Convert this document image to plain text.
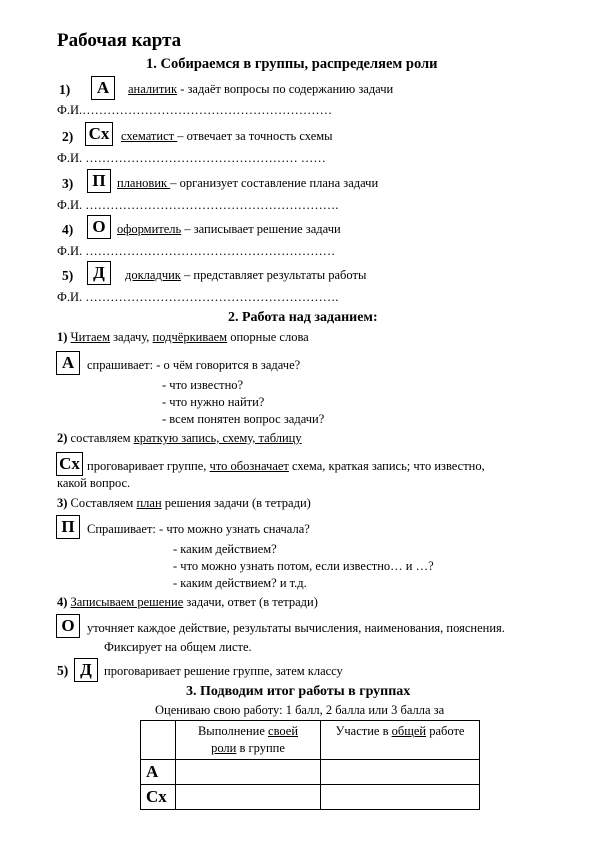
Рабочая карта
1. Собираемся в группы, распределяем роли
1)	А	аналитик - задаёт вопросы по содержанию задачи
Ф.И.……………………………………………………
2) Сх схематист – отвечает за точность схемы
Ф.И. …………………………………………… ……
3)	П плановик – организует составление плана задачи
Ф.И. …………………………………………………….
4)	О оформитель – записывает решение задачи
Ф.И. ……………………………………………………
5)	Д	докладчик – представляет результаты работы
Ф.И. …………………………………………………….
2. Работа над заданием:
1) Читаем задачу, подчёркиваем опорные слова
А	спрашивает: - о чём говорится в задаче?
- что известно?
- что нужно найти?
- всем понятен вопрос задачи?
2) составляем краткую запись, схему, таблицу
Сх проговаривает группе, что обозначает схема, краткая запись; что известно,
какой вопрос.
3) Составляем план решения задачи (в тетради)
П Спрашивает: - что можно узнать сначала?
- каким действием?
- что можно узнать потом, если известно… и …?
- каким действием? и т.д.
4) Записываем решение задачи, ответ (в тетради)
О уточняет каждое действие, результаты вычисления, наименования, пояснения.
Фиксирует на общем листе.
5) Д проговаривает решение группе, затем классу
3. Подводим итог работы в группах
Оцениваю свою работу: 1 балл, 2 балла или 3 балла за
	Выполнение своей
роли в группе	Участие в общей работе
А		
Сх		
